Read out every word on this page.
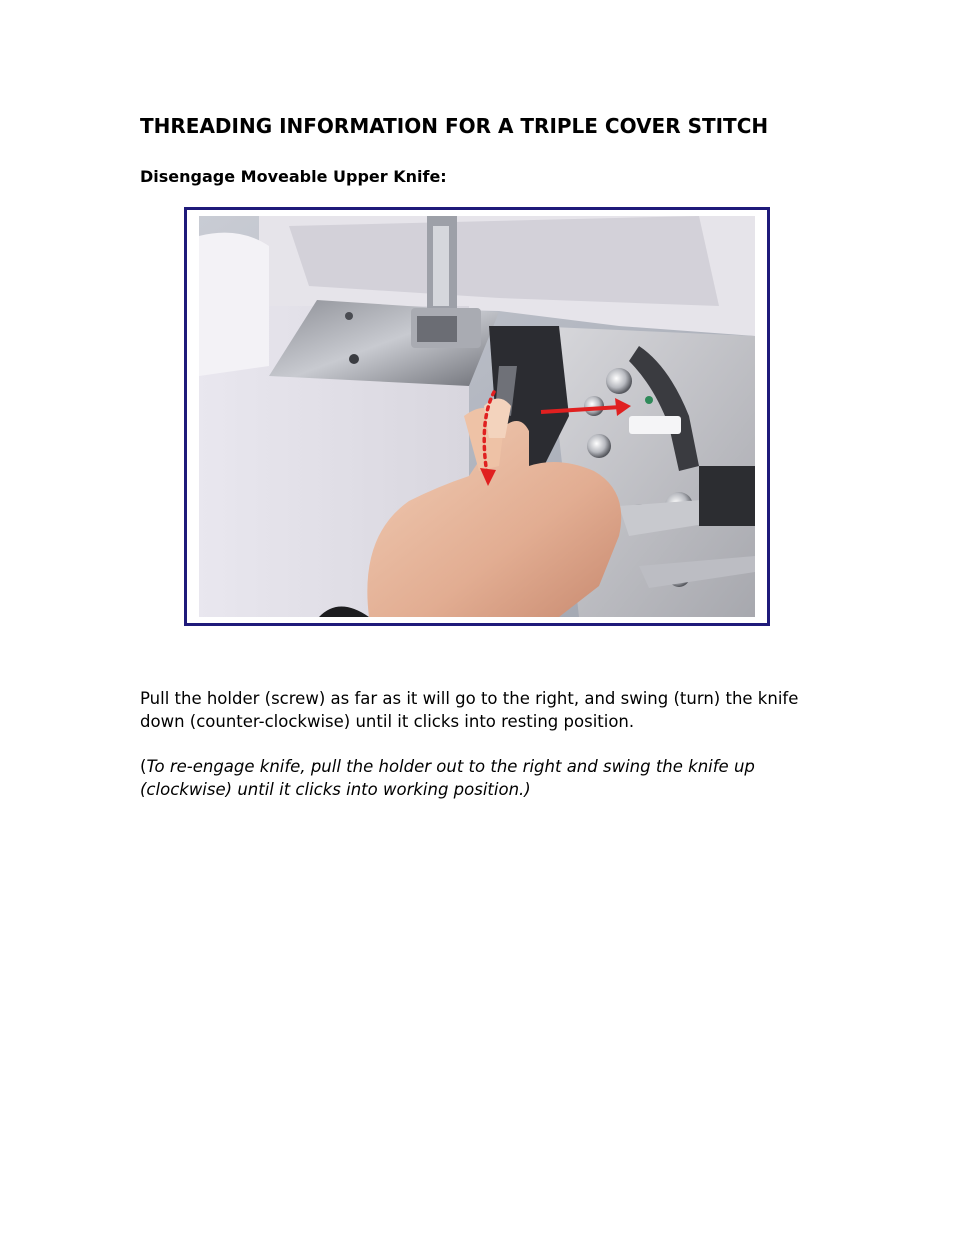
THREADING INFORMATION FOR A TRIPLE COVER STITCH
Disengage Moveable Upper Knife:

Pull the holder (screw) as far as it will go to the right, and swing (turn) the knife down (counter-clockwise) until it clicks into resting position.

(To re-engage knife, pull the holder out to the right and swing the knife up (clockwise) until it clicks into working position.)
